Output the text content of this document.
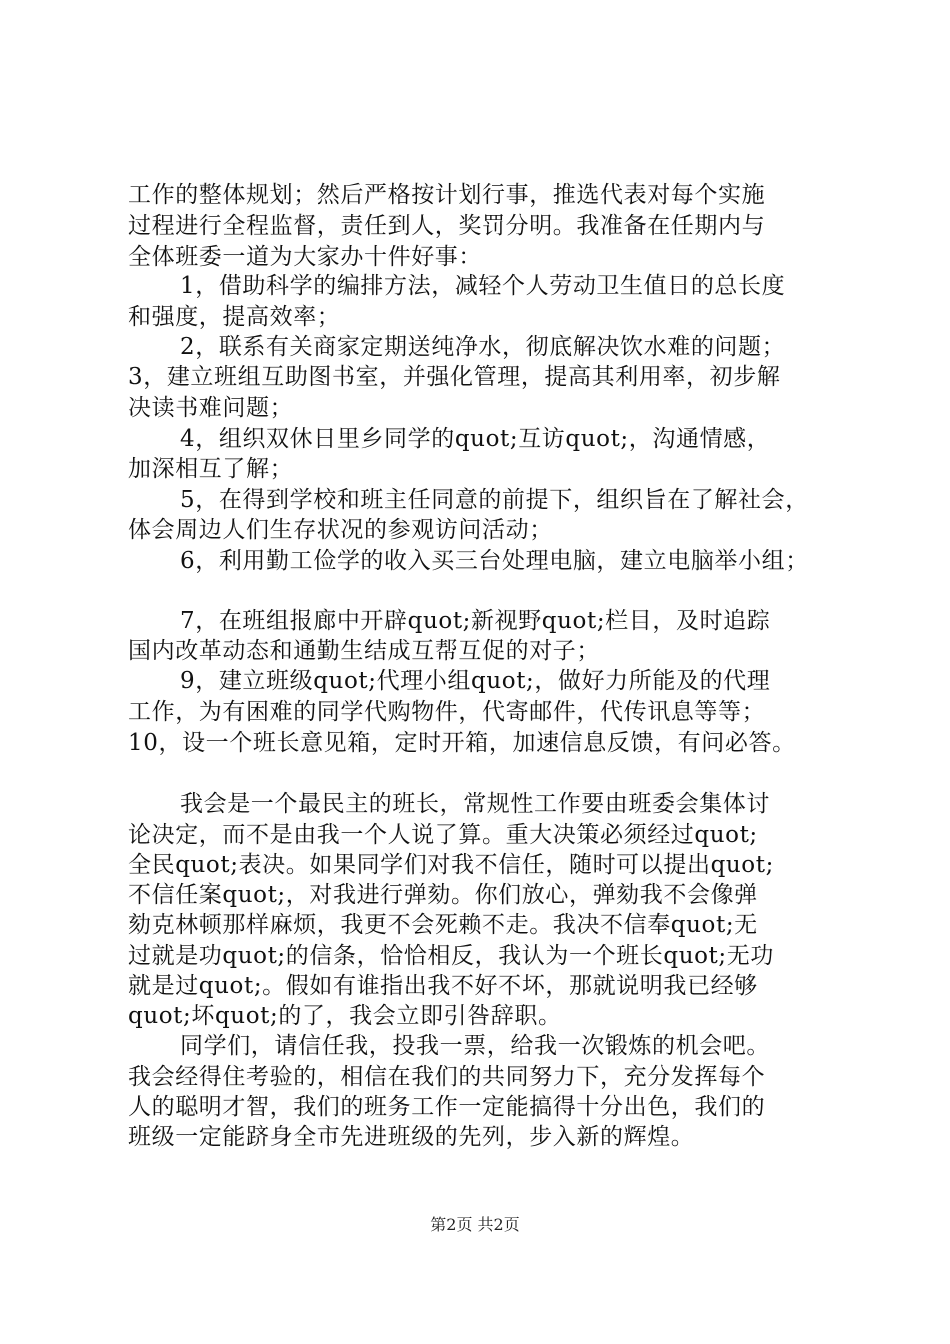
工作的整体规划；然后严格按计划行事，推选代表对每个实施
过程进行全程监督，责任到人，奖罚分明。我准备在任期内与
全体班委一道为大家办十件好事：
1，借助科学的编排方法，减轻个人劳动卫生值日的总长度
和强度，提高效率；
2，联系有关商家定期送纯净水，彻底解决饮水难的问题；
3，建立班组互助图书室，并强化管理，提高其利用率，初步解
决读书难问题；
4，组织双休日里乡同学的quot;互访quot;，沟通情感，
加深相互了解；
5，在得到学校和班主任同意的前提下，组织旨在了解社会，
体会周边人们生存状况的参观访问活动；
6，利用勤工俭学的收入买三台处理电脑，建立电脑举小组；
7，在班组报廊中开辟quot;新视野quot;栏目，及时追踪
国内改革动态和通勤生结成互帮互促的对子；
9，建立班级quot;代理小组quot;，做好力所能及的代理
工作，为有困难的同学代购物件，代寄邮件，代传讯息等等；
10，设一个班长意见箱，定时开箱，加速信息反馈，有问必答。
我会是一个最民主的班长，常规性工作要由班委会集体讨
论决定，而不是由我一个人说了算。重大决策必须经过quot;
全民quot;表决。如果同学们对我不信任，随时可以提出quot;
不信任案quot;，对我进行弹劾。你们放心，弹劾我不会像弹
劾克林顿那样麻烦，我更不会死赖不走。我决不信奉quot;无
过就是功quot;的信条，恰恰相反，我认为一个班长quot;无功
就是过quot;。假如有谁指出我不好不坏，那就说明我已经够
quot;坏quot;的了，我会立即引咎辞职。
同学们，请信任我，投我一票，给我一次锻炼的机会吧。
我会经得住考验的，相信在我们的共同努力下，充分发挥每个
人的聪明才智，我们的班务工作一定能搞得十分出色，我们的
班级一定能跻身全市先进班级的先列，步入新的辉煌。
第2页 共2页
